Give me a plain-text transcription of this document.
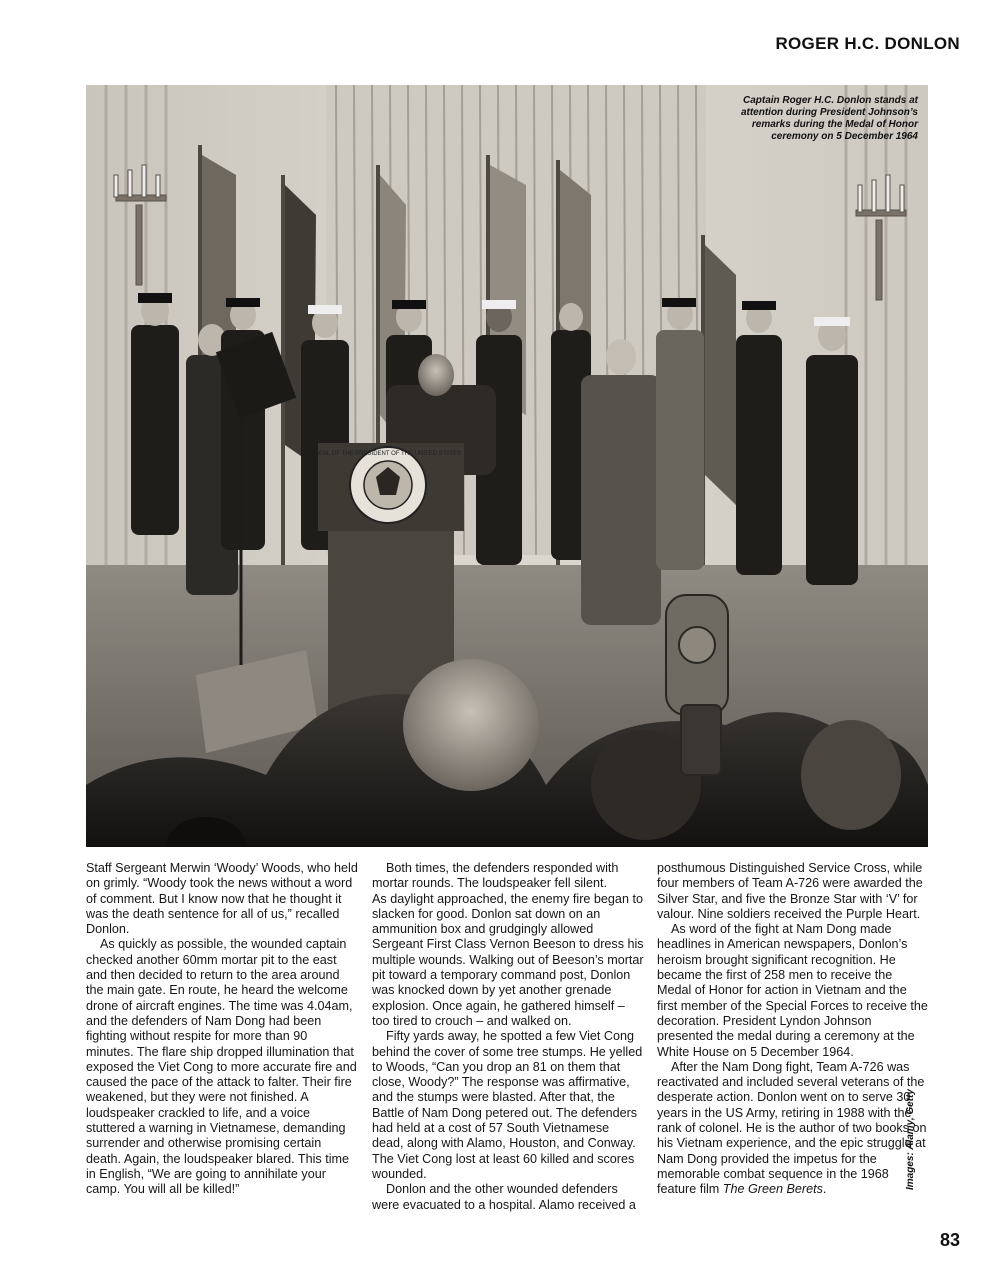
ROGER H.C. DONLON
SEAL OF THE PRESIDENT OF THE UNITED STATES
Captain Roger H.C. Donlon stands at attention during President Johnson’s remarks during the Medal of Honor ceremony on 5 December 1964

Staff Sergeant Merwin ‘Woody’ Woods, who held on grimly. “Woody took the news without a word of comment. But I know now that he thought it was the death sentence for all of us,” recalled Donlon.

As quickly as possible, the wounded captain checked another 60mm mortar pit to the east and then decided to return to the area around the main gate. En route, he heard the welcome drone of aircraft engines. The time was 4.04am, and the defenders of Nam Dong had been fighting without respite for more than 90 minutes. The flare ship dropped illumination that exposed the Viet Cong to more accurate fire and caused the pace of the attack to falter. Their fire weakened, but they were not finished. A loudspeaker crackled to life, and a voice stuttered a warning in Vietnamese, demanding surrender and otherwise promising certain death. Again, the loudspeaker blared. This time in English, “We are going to annihilate your camp. You will all be killed!”

Both times, the defenders responded with mortar rounds. The loudspeaker fell silent.

As daylight approached, the enemy fire began to slacken for good. Donlon sat down on an ammunition box and grudgingly allowed Sergeant First Class Vernon Beeson to dress his multiple wounds. Walking out of Beeson’s mortar pit toward a temporary command post, Donlon was knocked down by yet another grenade explosion. Once again, he gathered himself – too tired to crouch – and walked on.

Fifty yards away, he spotted a few Viet Cong behind the cover of some tree stumps. He yelled to Woods, “Can you drop an 81 on them that close, Woody?” The response was affirmative, and the stumps were blasted. After that, the Battle of Nam Dong petered out. The defenders had held at a cost of 57 South Vietnamese dead, along with Alamo, Houston, and Conway. The Viet Cong lost at least 60 killed and scores wounded.

Donlon and the other wounded defenders were evacuated to a hospital. Alamo received a

posthumous Distinguished Service Cross, while four members of Team A-726 were awarded the Silver Star, and five the Bronze Star with ‘V’ for valour. Nine soldiers received the Purple Heart.

As word of the fight at Nam Dong made headlines in American newspapers, Donlon’s heroism brought significant recognition. He became the first of 258 men to receive the Medal of Honor for action in Vietnam and the first member of the Special Forces to receive the decoration. President Lyndon Johnson presented the medal during a ceremony at the White House on 5 December 1964.

After the Nam Dong fight, Team A-726 was reactivated and included several veterans of the desperate action. Donlon went on to serve 30 years in the US Army, retiring in 1988 with the rank of colonel. He is the author of two books on his Vietnam experience, and the epic struggle at Nam Dong provided the impetus for the memorable combat sequence in the 1968 feature film The Green Berets.	Images: Alamy, Getty
83
